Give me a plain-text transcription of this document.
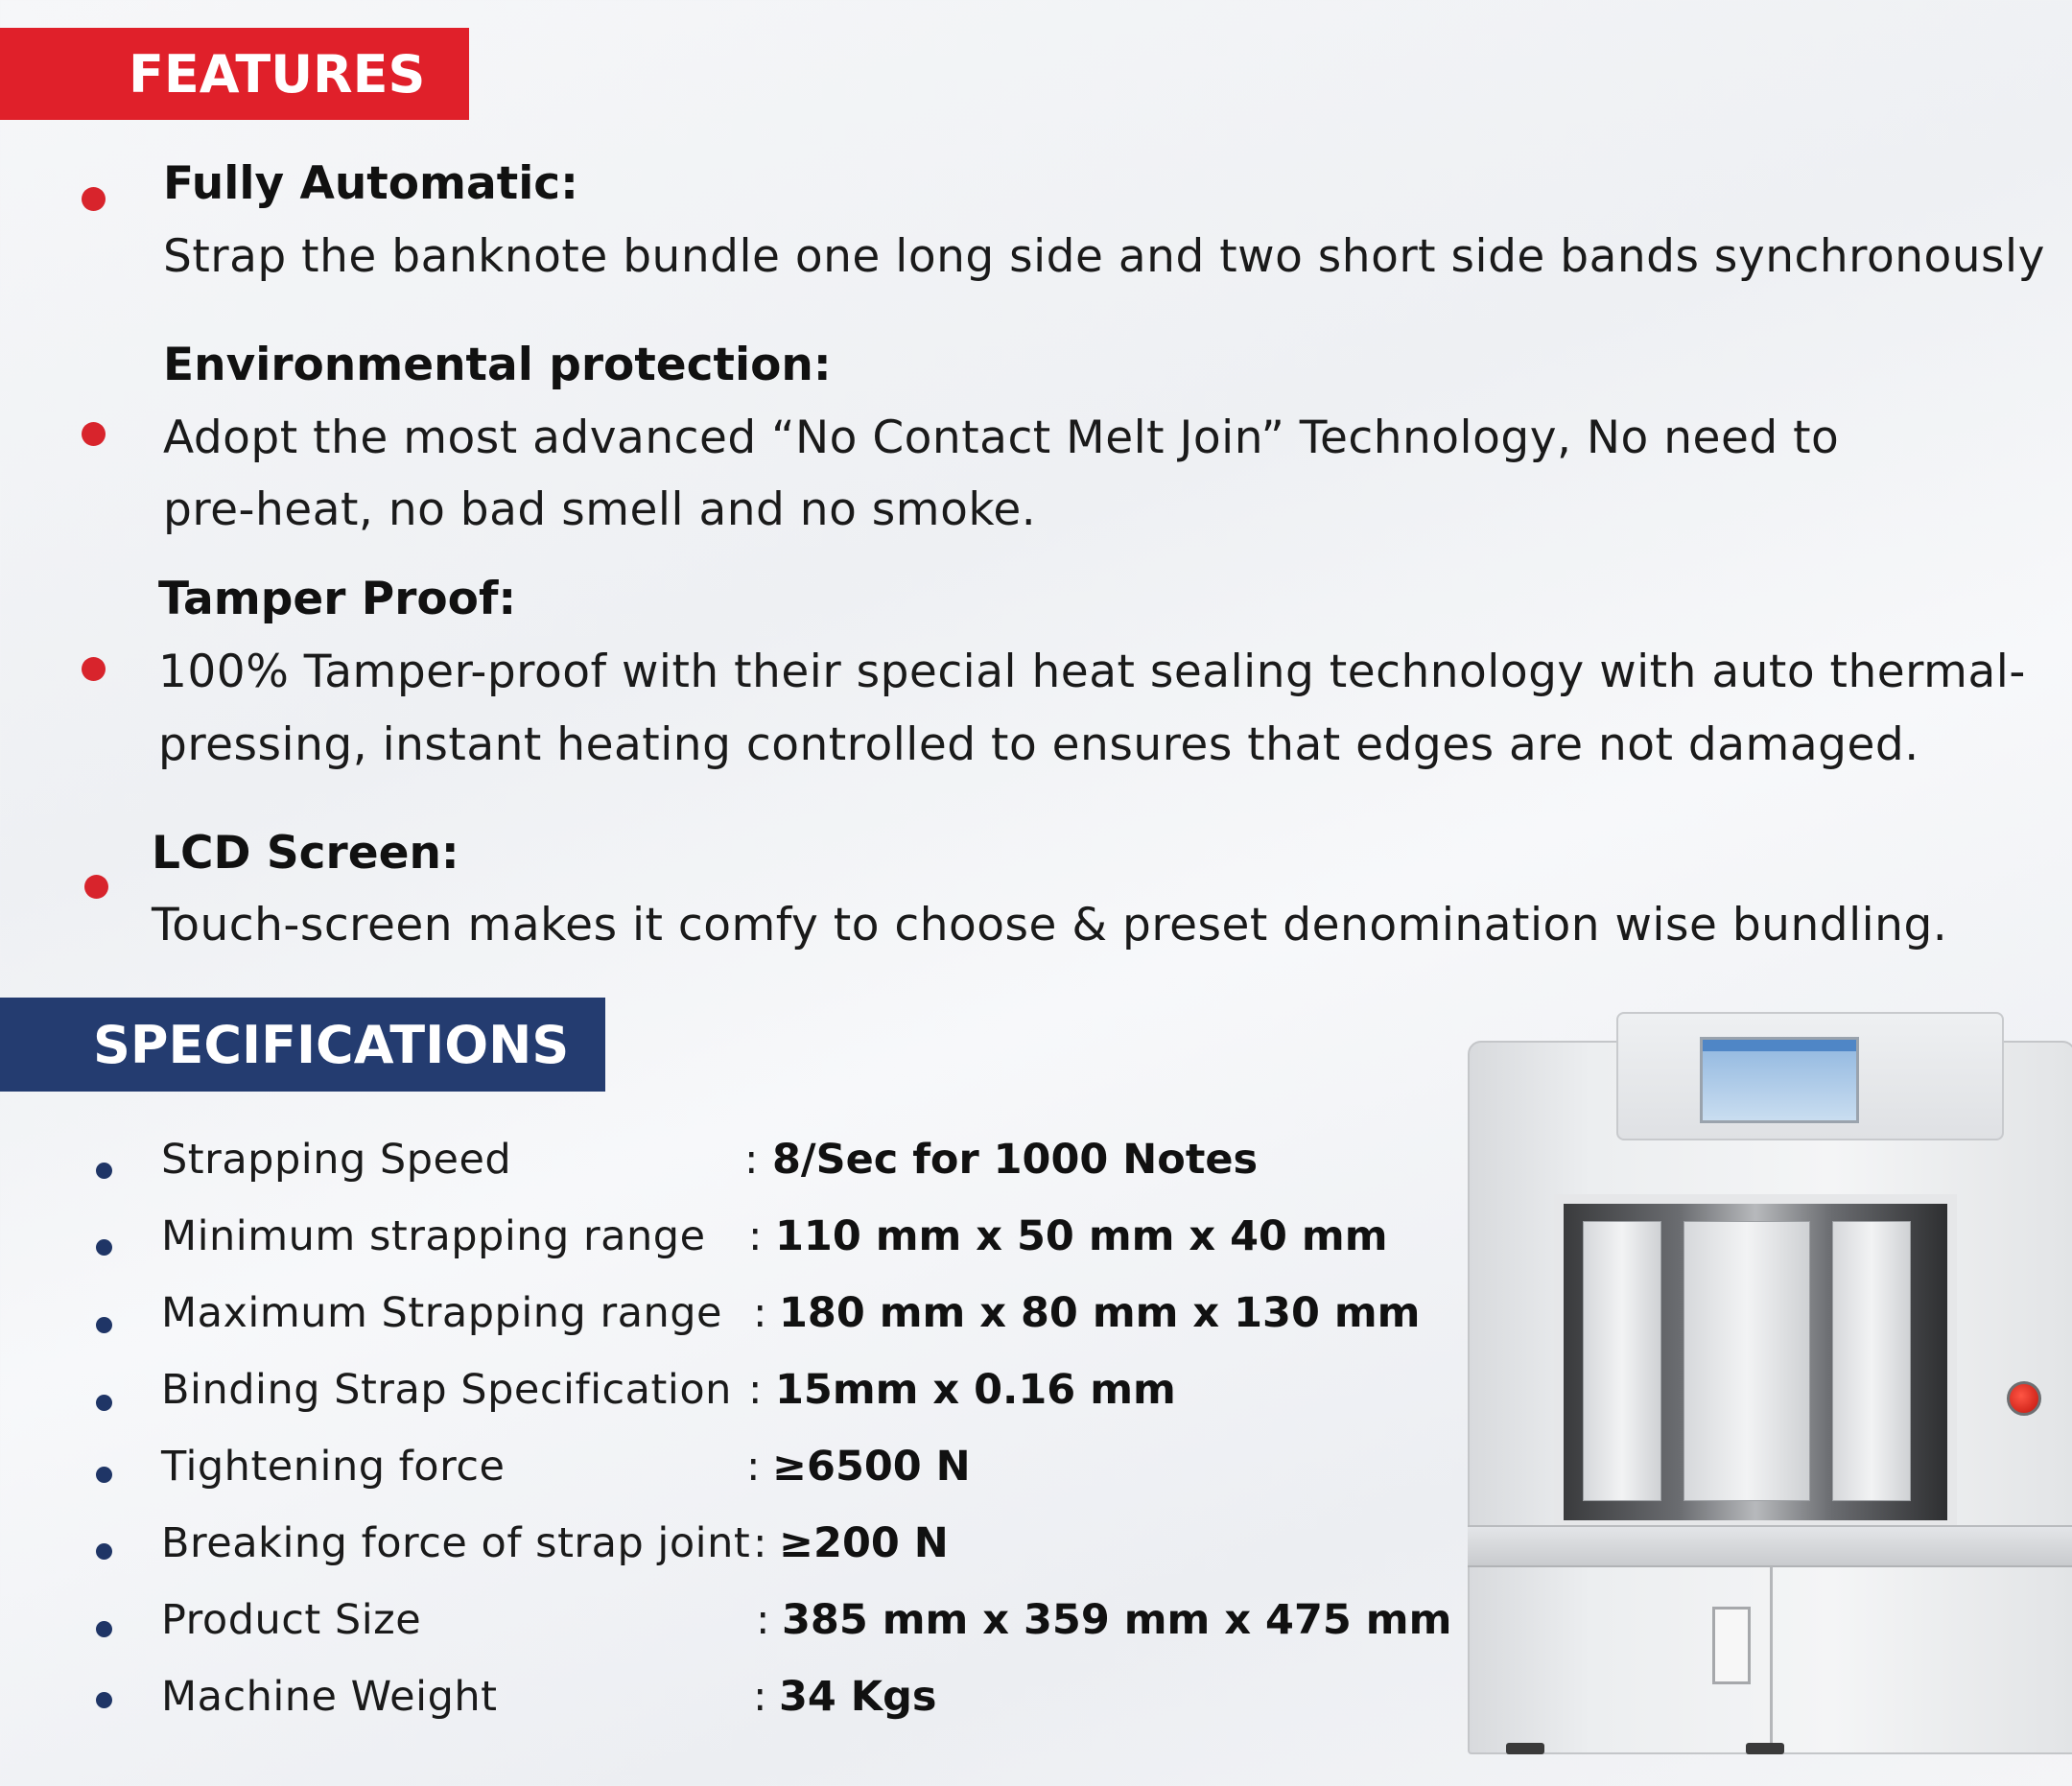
FEATURES
Fully Automatic:
Strap the banknote bundle one long side and two short side bands synchronously
Environmental protection:
Adopt the most advanced “No Contact Melt Join” Technology, No need to
pre-heat, no bad smell and no smoke.
Tamper Proof:
100% Tamper-proof with their special heat sealing technology with auto thermal-
pressing, instant heating controlled to ensures that edges are not damaged.
LCD Screen:
Touch-screen makes it comfy to choose & preset denomination wise bundling.
SPECIFICATIONS
Strapping Speed	: 8/Sec for 1000 Notes
Minimum strapping range : 110 mm x 50 mm x 40 mm
Maximum Strapping range : 180 mm x 80 mm x 130 mm
Binding Strap Specification : 15mm x 0.16 mm
Tightening force	: ≥6500 N
Breaking force of strap joint : ≥200 N
Product Size	: 385 mm x 359 mm x 475 mm
Machine Weight	: 34 Kgs
